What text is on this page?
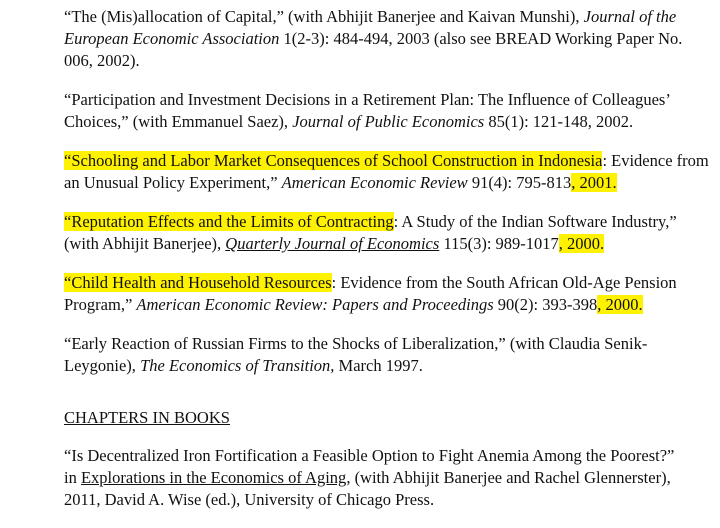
“The (Mis)allocation of Capital,” (with Abhijit Banerjee and Kaivan Munshi), Journal of the
European Economic Association 1(2-3): 484-494, 2003 (also see BREAD Working Paper No.
006, 2002).
“Participation and Investment Decisions in a Retirement Plan: The Influence of Colleagues’
Choices,” (with Emmanuel Saez), Journal of Public Economics 85(1): 121-148, 2002.
“Schooling and Labor Market Consequences of School Construction in Indonesia: Evidence from
an Unusual Policy Experiment,” American Economic Review 91(4): 795-813, 2001.
“Reputation Effects and the Limits of Contracting: A Study of the Indian Software Industry,”
(with Abhijit Banerjee), Quarterly Journal of Economics 115(3): 989-1017, 2000.
“Child Health and Household Resources: Evidence from the South African Old-Age Pension
Program,” American Economic Review: Papers and Proceedings 90(2): 393-398, 2000.
“Early Reaction of Russian Firms to the Shocks of Liberalization,” (with Claudia Senik-
Leygonie), The Economics of Transition, March 1997.
CHAPTERS IN BOOKS
“Is Decentralized Iron Fortification a Feasible Option to Fight Anemia Among the Poorest?”
in Explorations in the Economics of Aging, (with Abhijit Banerjee and Rachel Glennerster),
2011, David A. Wise (ed.), University of Chicago Press.
